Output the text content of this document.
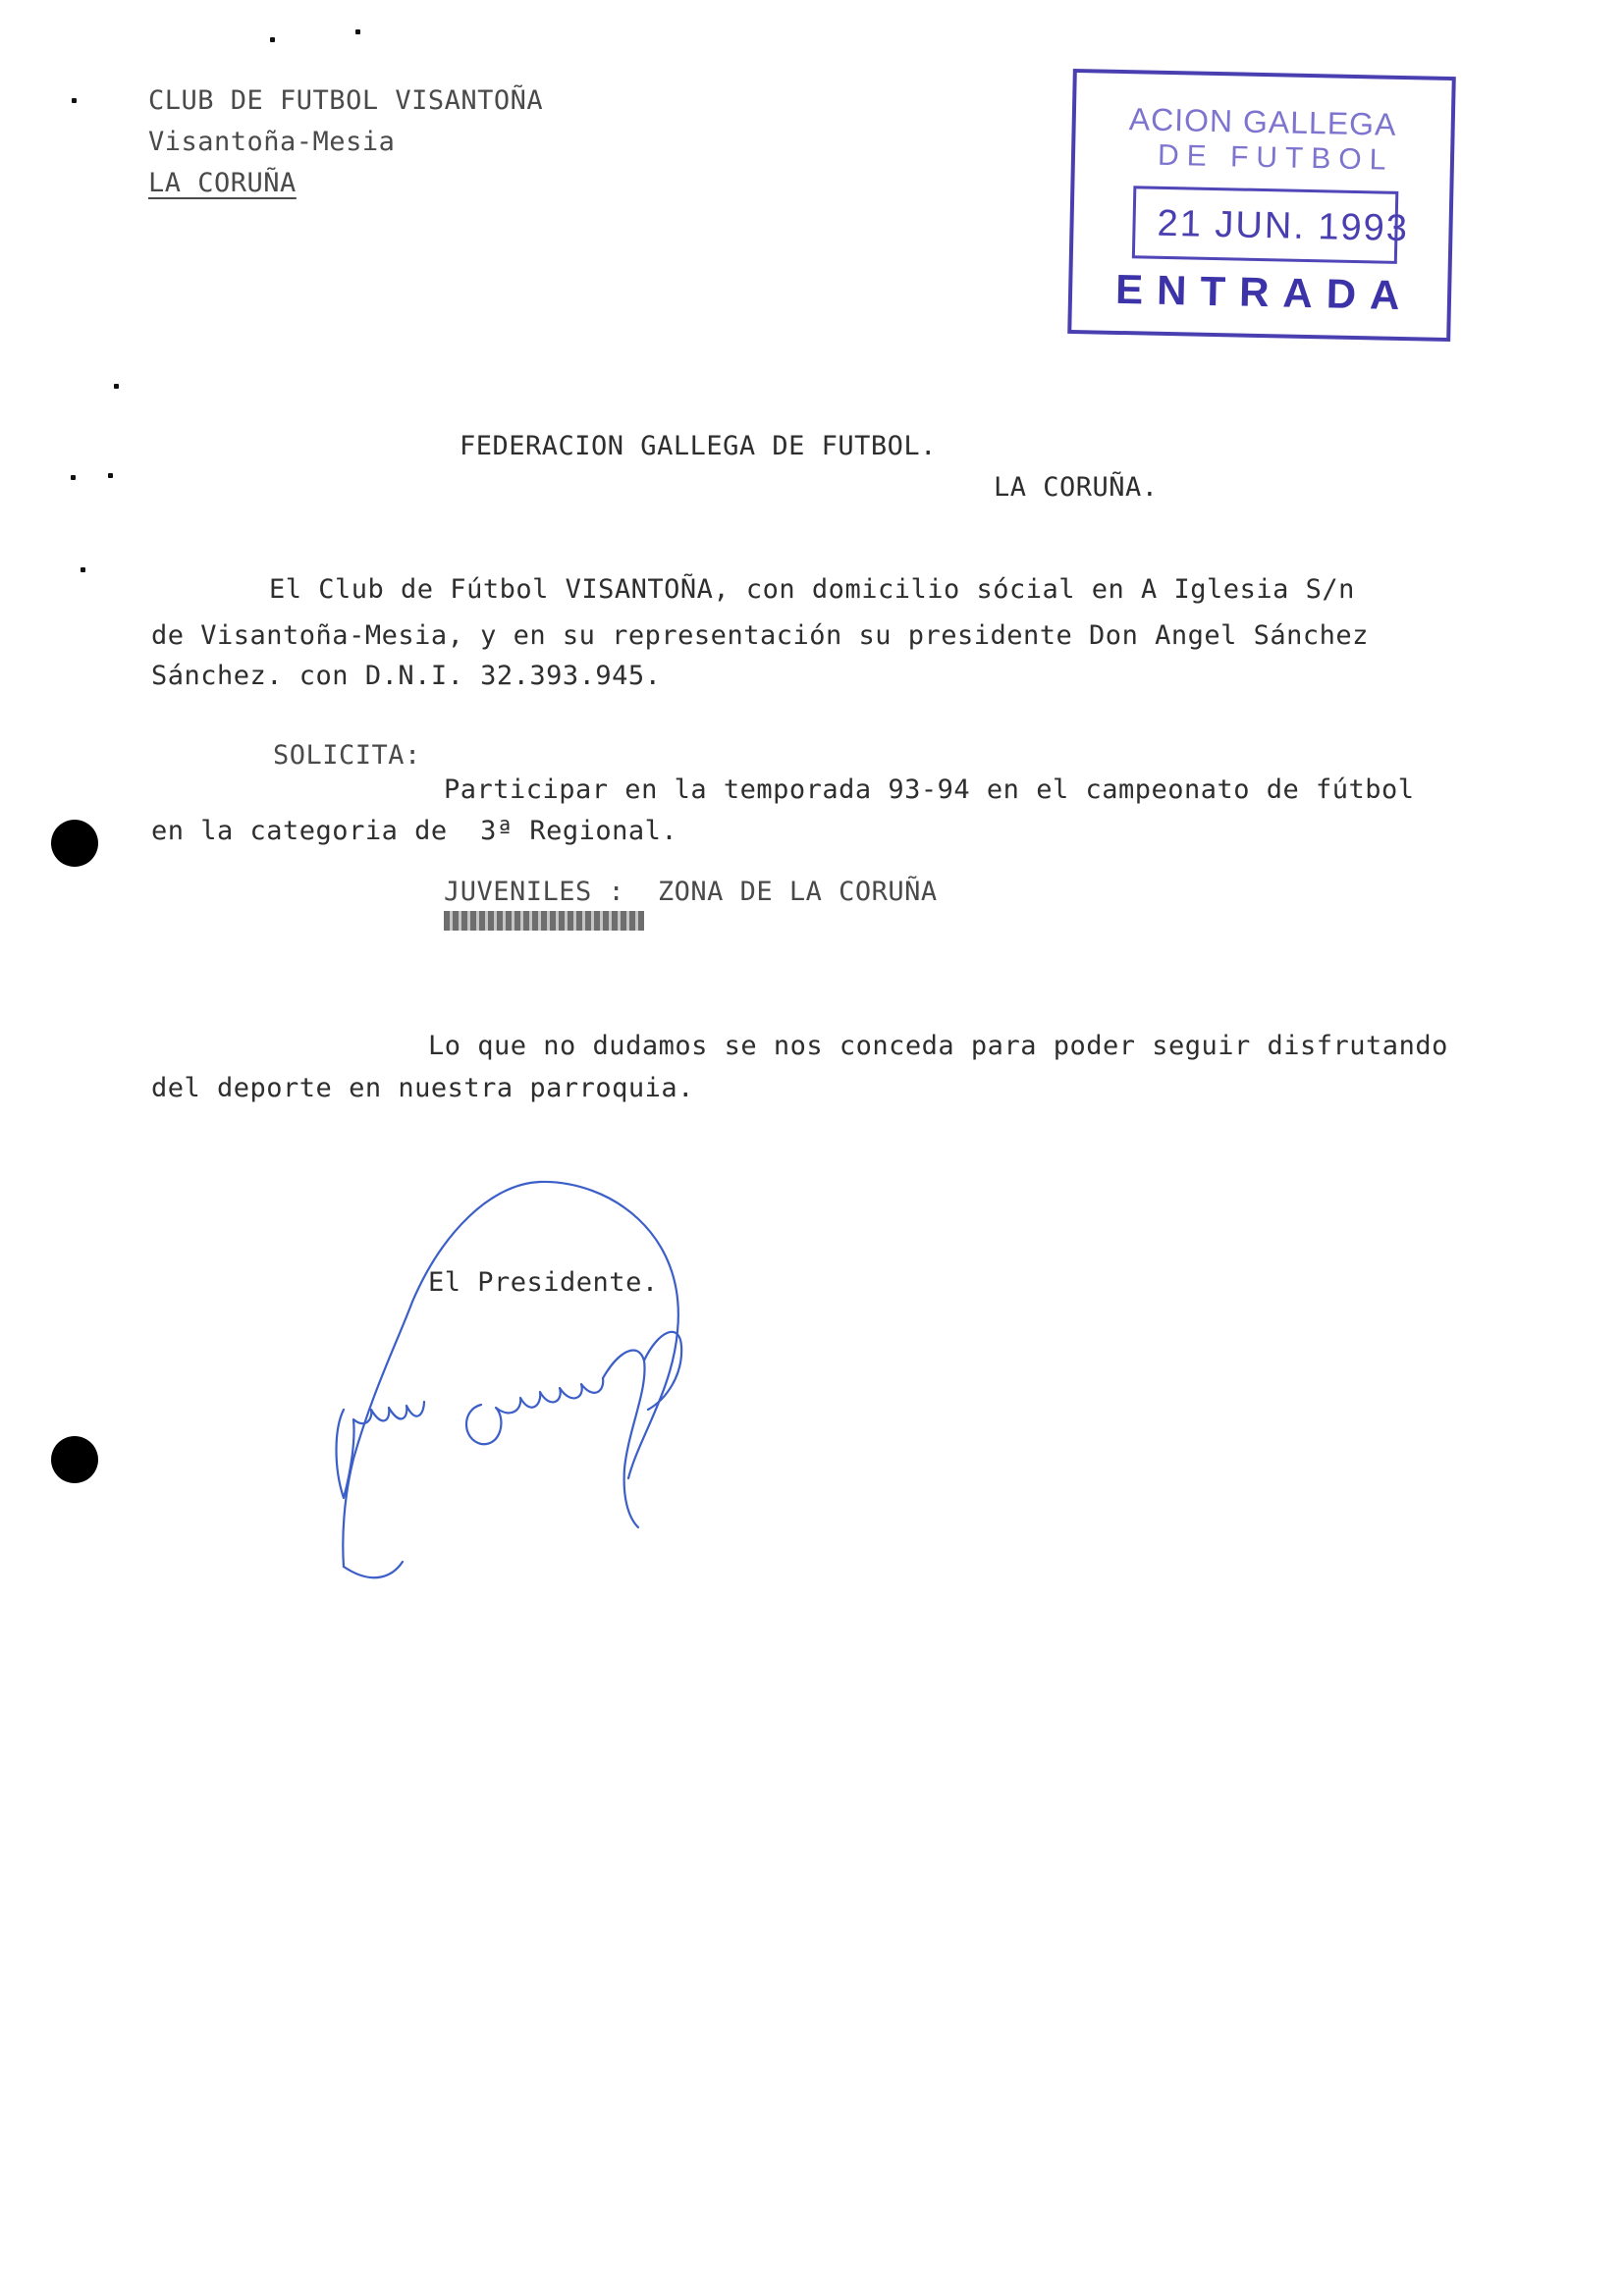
CLUB DE FUTBOL VISANTOÑA
Visantoña-Mesia
LA CORUÑA
ACION GALLEGA
DE FUTBOL
21 JUN. 1993
ENTRADA
FEDERACION GALLEGA DE FUTBOL.
LA CORUÑA.
El Club de Fútbol VISANTOÑA, con domicilio sócial en A Iglesia S/n
de Visantoña-Mesia, y en su representación su presidente Don Angel Sánchez
Sánchez. con D.N.I. 32.393.945.
SOLICITA:
Participar en la temporada 93-94 en el campeonato de fútbol
en la categoria de  3ª Regional.
JUVENILES :  ZONA DE LA CORUÑA
Lo que no dudamos se nos conceda para poder seguir disfrutando
del deporte en nuestra parroquia.
El Presidente.
